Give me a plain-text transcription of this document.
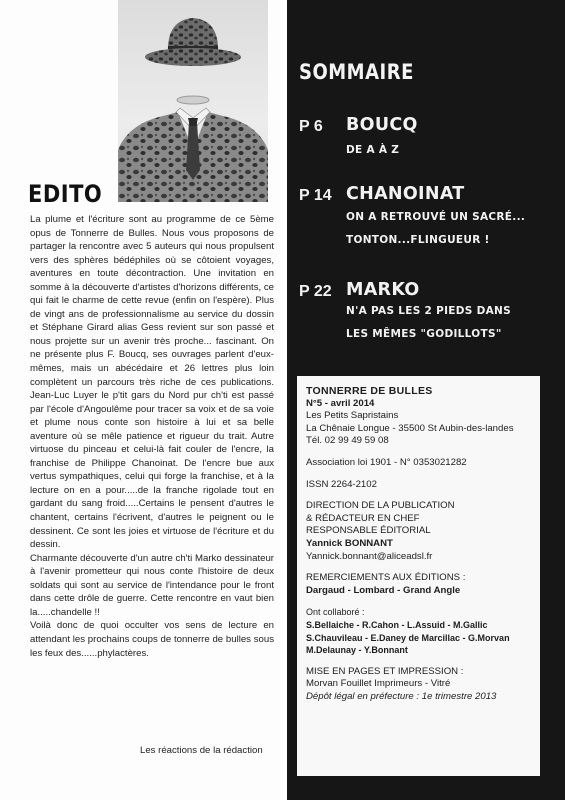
EDITO

La plume et l'écriture sont au programme de ce 5ème opus de Tonnerre de Bulles. Nous vous proposons de partager la rencontre avec 5 auteurs qui nous propulsent vers des sphères bédéphiles où se côtoient voyages, aventures en toute décontraction. Une invitation en somme à la découverte d'artistes d'horizons différents, ce qui fait le charme de cette revue (enfin on l'espère). Plus de vingt ans de professionnalisme au service du dossin et Stéphane Girard alias Gess revient sur son passé et nous projette sur un avenir très proche... fascinant. On ne présente plus F. Boucq, ses ouvrages parlent d'eux-mêmes, mais un abécédaire et 26 lettres plus loin complètent un parcours très riche de ces publications. Jean-Luc Luyer le p'tit gars du Nord pur ch'ti est passé par l'école d'Angoulême pour tracer sa voix et de sa voie et plume nous conte son histoire à lui et sa belle aventure où se mêle patience et rigueur du trait. Autre virtuose du pinceau et celui-là fait couler de l'encre, la franchise de Philippe Chanoinat. De l'encre bue aux vertus sympathiques, celui qui forge la franchise, et à la lecture on en a pour.....de la franche rigolade tout en gardant du sang froid.....Certains le pensent d'autres le chantent, certains l'écrivent, d'autres le peignent ou le dessinent. Ce sont les joies et virtuose de l'écriture et du dessin.

Charmante découverte d'un autre ch'ti Marko dessinateur à l'avenir prometteur qui nous conte l'histoire de deux soldats qui sont au service de l'intendance pour le front dans cette drôle de guerre. Cette rencontre en vaut bien la.....chandelle !!

Voilà donc de quoi occulter vos sens de lecture en attendant les prochains coups de tonnerre de bulles sous les feux des......phylactères.

Les réactions de la rédaction
SOMMAIRE
P 6 BOUCQ
DE A À Z
P 14 CHANOINAT
ON A RETROUVÉ UN SACRÉ...
TONTON...FLINGUEUR !
P 22 MARKO
N'A PAS LES 2 PIEDS DANS
LES MÊMES "GODILLOTS"
TONNERRE DE BULLES
N°5 - avril 2014
Les Petits Sapristains
La Chênaie Longue - 35500 St Aubin-des-landes
Tél. 02 99 49 59 08
Association loi 1901 - N° 0353021282
ISSN 2264-2102
DIRECTION DE LA PUBLICATION
& RÉDACTEUR EN CHEF
RESPONSABLE ÉDITORIAL
Yannick BONNANT
Yannick.bonnant@aliceadsl.fr
REMERCIEMENTS AUX ÉDITIONS :
Dargaud - Lombard - Grand Angle
Ont collaboré :
S.Bellaiche - R.Cahon - L.Assuid - M.Gallic
S.Chauvileau - E.Daney de Marcillac - G.Morvan
M.Delaunay - Y.Bonnant
MISE EN PAGES ET IMPRESSION :
Morvan Fouillet Imprimeurs - Vitré
Dépôt légal en préfecture : 1e trimestre 2013
